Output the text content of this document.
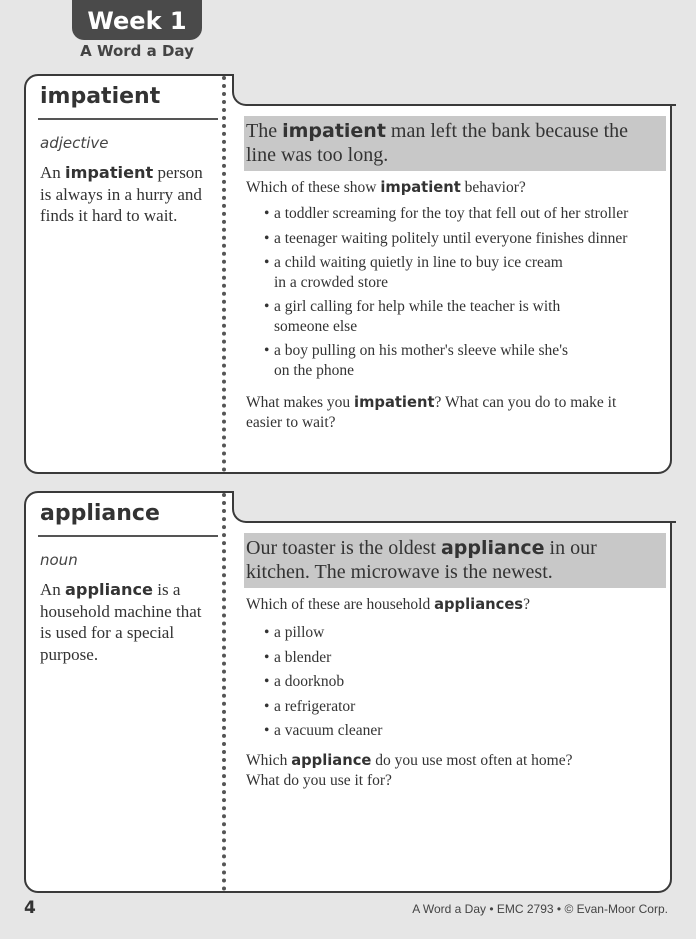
Week 1
A Word a Day
impatient
adjective
An impatient person is always in a hurry and finds it hard to wait.
The impatient man left the bank because the line was too long.
Which of these show impatient behavior?
• a toddler screaming for the toy that fell out of her stroller
• a teenager waiting politely until everyone finishes dinner
• a child waiting quietly in line to buy ice cream in a crowded store
• a girl calling for help while the teacher is with someone else
• a boy pulling on his mother's sleeve while she's on the phone
What makes you impatient? What can you do to make it easier to wait?
appliance
noun
An appliance is a household machine that is used for a special purpose.
Our toaster is the oldest appliance in our kitchen. The microwave is the newest.
Which of these are household appliances?
• a pillow
• a blender
• a doorknob
• a refrigerator
• a vacuum cleaner
Which appliance do you use most often at home? What do you use it for?
4	A Word a Day • EMC 2793 • © Evan-Moor Corp.
